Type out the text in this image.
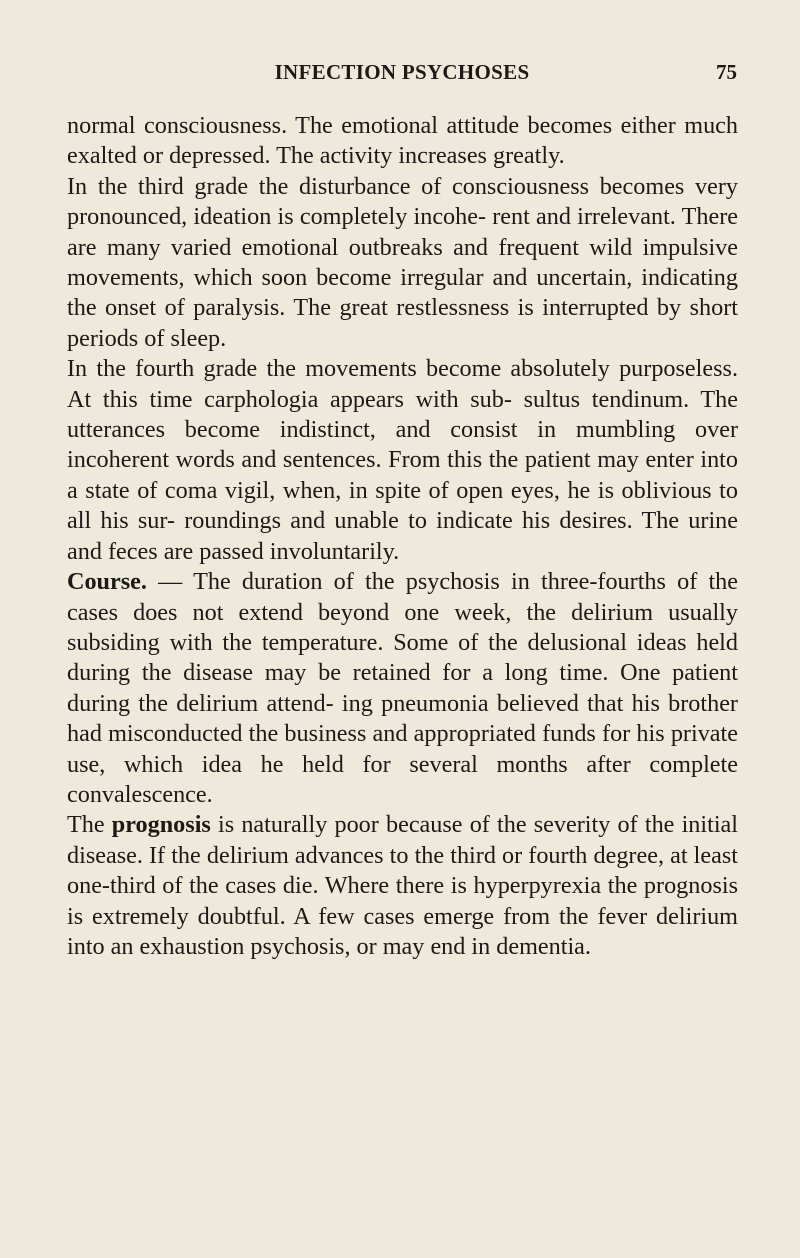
INFECTION PSYCHOSES	75

normal consciousness. The emotional attitude becomes either much exalted or depressed. The activity increases greatly.

In the third grade the disturbance of consciousness becomes very pronounced, ideation is completely incohe- rent and irrelevant. There are many varied emotional outbreaks and frequent wild impulsive movements, which soon become irregular and uncertain, indicating the onset of paralysis. The great restlessness is interrupted by short periods of sleep.

In the fourth grade the movements become absolutely purposeless. At this time carphologia appears with sub- sultus tendinum. The utterances become indistinct, and consist in mumbling over incoherent words and sentences. From this the patient may enter into a state of coma vigil, when, in spite of open eyes, he is oblivious to all his sur- roundings and unable to indicate his desires. The urine and feces are passed involuntarily.

Course. — The duration of the psychosis in three-fourths of the cases does not extend beyond one week, the delirium usually subsiding with the temperature. Some of the delusional ideas held during the disease may be retained for a long time. One patient during the delirium attend- ing pneumonia believed that his brother had misconducted the business and appropriated funds for his private use, which idea he held for several months after complete convalescence.

The prognosis is naturally poor because of the severity of the initial disease. If the delirium advances to the third or fourth degree, at least one-third of the cases die. Where there is hyperpyrexia the prognosis is extremely doubtful. A few cases emerge from the fever delirium into an exhaustion psychosis, or may end in dementia.
